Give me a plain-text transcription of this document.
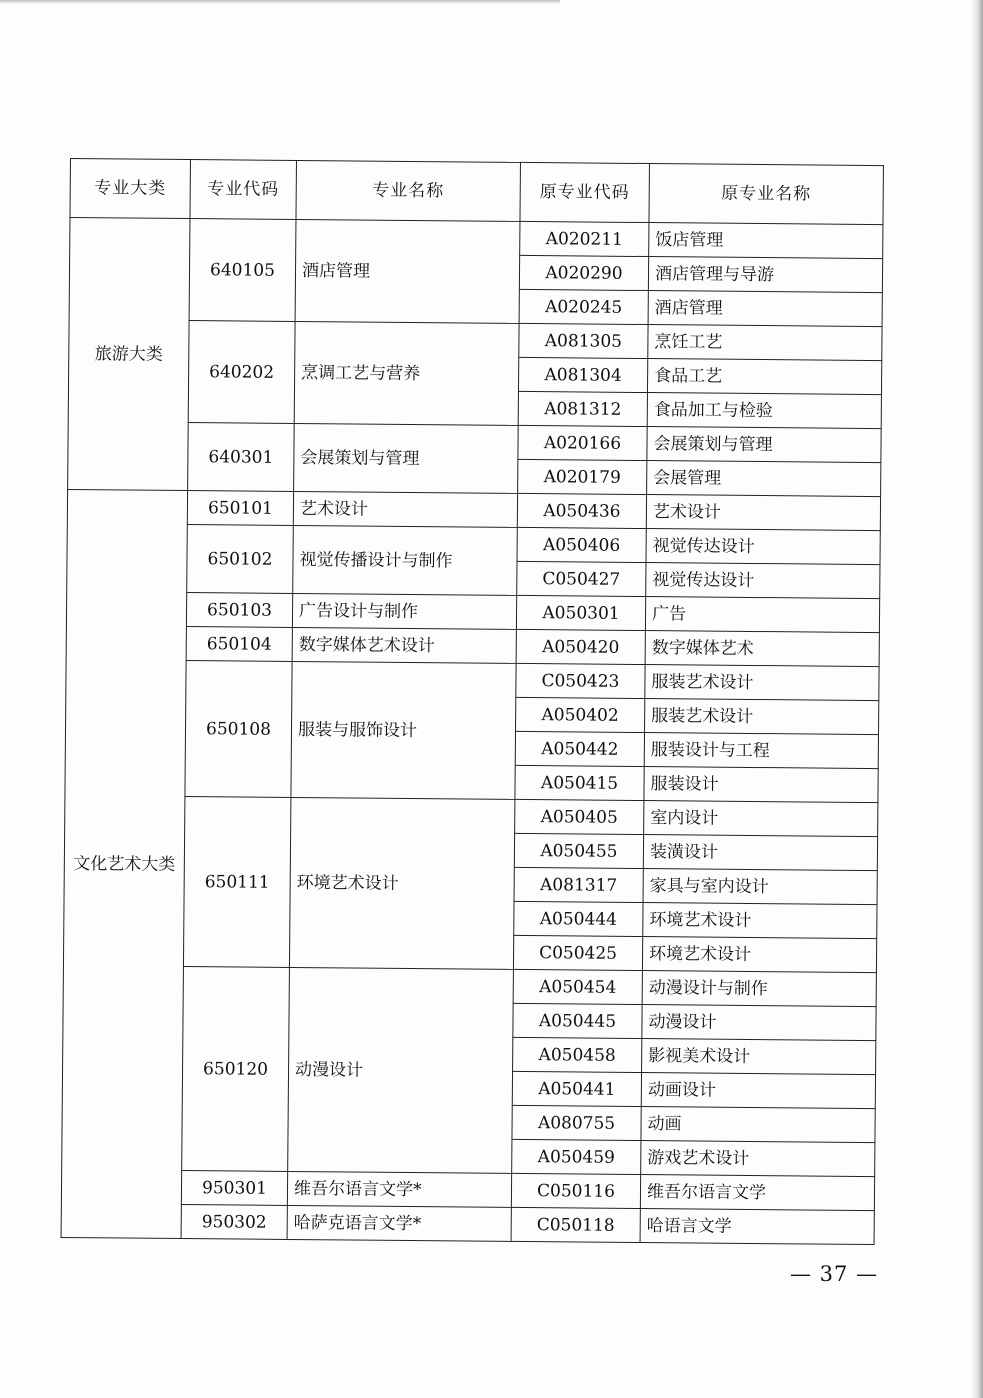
专业大类	专业代码	专业名称	原专业代码	原专业名称
旅游大类	640105	酒店管理	A020211	饭店管理
			A020290	酒店管理与导游
			A020245	酒店管理
	640202	烹调工艺与营养	A081305	烹饪工艺
			A081304	食品工艺
			A081312	食品加工与检验
	640301	会展策划与管理	A020166	会展策划与管理
			A020179	会展管理
文化艺术大类	650101	艺术设计	A050436	艺术设计
	650102	视觉传播设计与制作	A050406	视觉传达设计
			C050427	视觉传达设计
	650103	广告设计与制作	A050301	广告
	650104	数字媒体艺术设计	A050420	数字媒体艺术
	650108	服装与服饰设计	C050423	服装艺术设计
			A050402	服装艺术设计
			A050442	服装设计与工程
			A050415	服装设计
	650111	环境艺术设计	A050405	室内设计
			A050455	装潢设计
			A081317	家具与室内设计
			A050444	环境艺术设计
			C050425	环境艺术设计
	650120	动漫设计	A050454	动漫设计与制作
			A050445	动漫设计
			A050458	影视美术设计
			A050441	动画设计
			A080755	动画
			A050459	游戏艺术设计
	950301	维吾尔语言文学*	C050116	维吾尔语言文学
	950302	哈萨克语言文学*	C050118	哈语言文学
— 37 —
